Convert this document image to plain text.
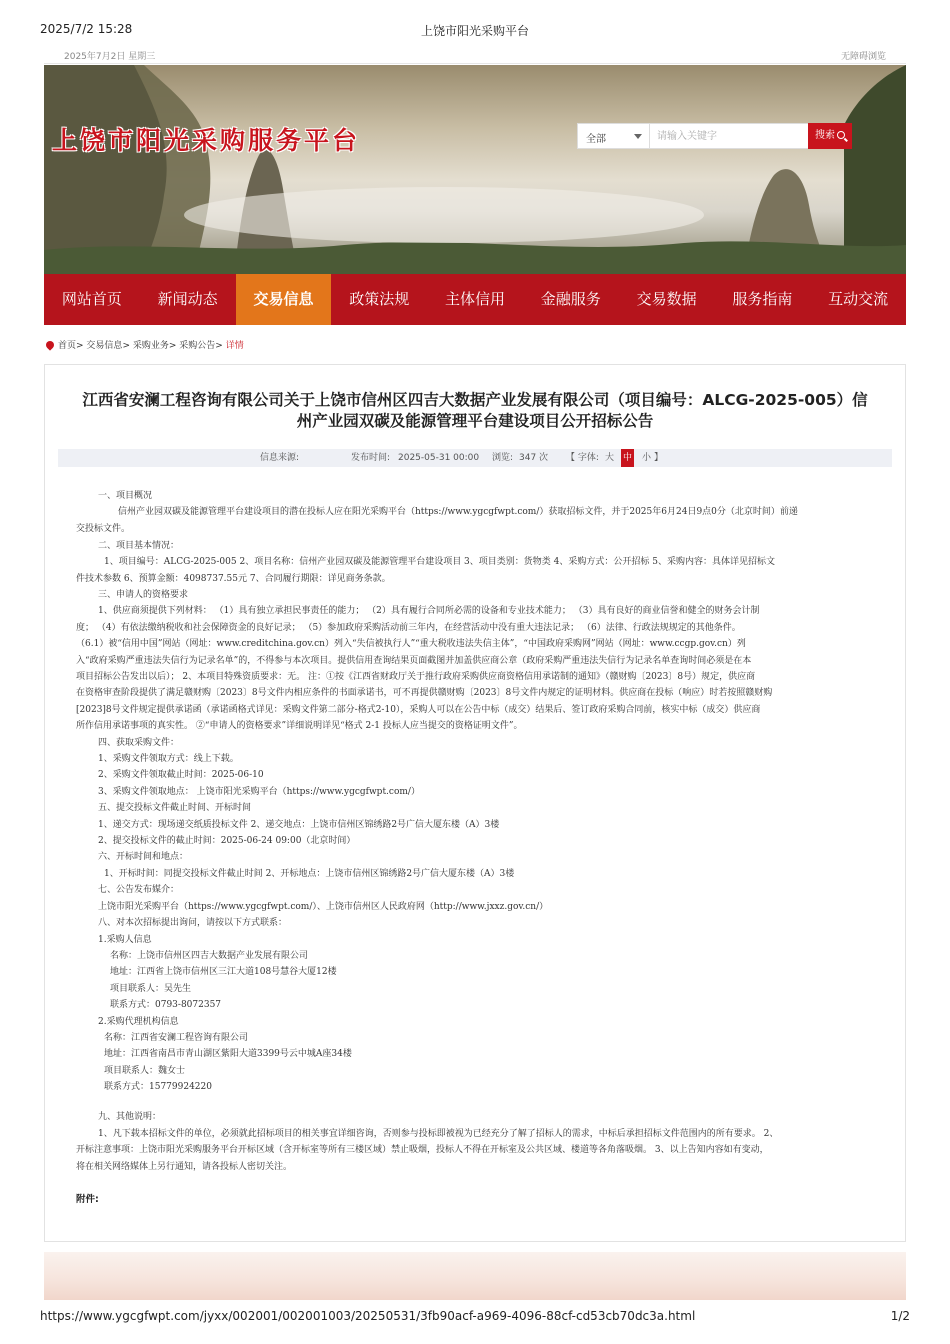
2025/7/2 15:28	上饶市阳光采购平台
2025年7月2日 星期三	无障碍浏览
上饶市阳光采购服务平台	全部
请输入关键字	搜索
网站首页	新闻动态	交易信息	政策法规	主体信用	金融服务	交易数据	服务指南	互动交流
首页> 交易信息> 采购业务> 采购公告> 详情
江西省安澜工程咨询有限公司关于上饶市信州区四吉大数据产业发展有限公司（项目编号：ALCG-2025-005）信
州产业园双碳及能源管理平台建设项目公开招标公告
信息来源:	发布时间: 2025-05-31 00:00 浏览: 347 次 【 字体: 大 中 小 】
一、项目概况
信州产业园双碳及能源管理平台建设项目的潜在投标人应在阳光采购平台（https://www.ygcgfwpt.com/）获取招标文件，并于2025年6月24日9点0分（北京时间）前递
交投标文件。
二、项目基本情况：
1、项目编号：ALCG-2025-005 2、项目名称：信州产业园双碳及能源管理平台建设项目 3、项目类别：货物类 4、采购方式：公开招标 5、采购内容：具体详见招标文
件技术参数 6、预算金额：4098737.55元 7、合同履行期限：详见商务条款。
三、申请人的资格要求
1、供应商须提供下列材料： （1）具有独立承担民事责任的能力； （2）具有履行合同所必需的设备和专业技术能力； （3）具有良好的商业信誉和健全的财务会计制
度； （4）有依法缴纳税收和社会保障资金的良好记录； （5）参加政府采购活动前三年内，在经营活动中没有重大违法记录； （6）法律、行政法规规定的其他条件。
（6.1）被“信用中国”网站（网址：www.creditchina.gov.cn）列入“失信被执行人”“重大税收违法失信主体”，“中国政府采购网”网站（网址：www.ccgp.gov.cn）列
入“政府采购严重违法失信行为记录名单”的，不得参与本次项目。提供信用查询结果页面截图并加盖供应商公章（政府采购严重违法失信行为记录名单查询时间必须是在本
项目招标公告发出以后）； 2、本项目特殊资质要求：无。 注：①按《江西省财政厅关于推行政府采购供应商资格信用承诺制的通知》（赣财购〔2023〕8号）规定，供应商
在资格审查阶段提供了满足赣财购〔2023〕8号文件内相应条件的书面承诺书，可不再提供赣财购〔2023〕8号文件内规定的证明材料。供应商在投标（响应）时若按照赣财购
[2023]8号文件规定提供承诺函（承诺函格式详见：采购文件第二部分-格式2-10），采购人可以在公告中标（成交）结果后、签订政府采购合同前，核实中标（成交）供应商
所作信用承诺事项的真实性。 ②“申请人的资格要求”详细说明详见“格式 2-1 投标人应当提交的资格证明文件”。
四、获取采购文件：
1、采购文件领取方式：线上下载。
2、采购文件领取截止时间：2025-06-10
3、采购文件领取地点： 上饶市阳光采购平台（https://www.ygcgfwpt.com/）
五、提交投标文件截止时间、开标时间
1、递交方式：现场递交纸质投标文件 2、递交地点：上饶市信州区锦绣路2号广信大厦东楼（A）3楼
2、提交投标文件的截止时间：2025-06-24 09:00（北京时间）
六、开标时间和地点：
1、开标时间：同提交投标文件截止时间 2、开标地点：上饶市信州区锦绣路2号广信大厦东楼（A）3楼
七、公告发布媒介：
上饶市阳光采购平台（https://www.ygcgfwpt.com/）、上饶市信州区人民政府网（http://www.jxxz.gov.cn/）
八、对本次招标提出询问，请按以下方式联系：
1.采购人信息
名称：上饶市信州区四吉大数据产业发展有限公司
地址：江西省上饶市信州区三江大道108号慧谷大厦12楼
项目联系人：吴先生
联系方式：0793-8072357
2.采购代理机构信息
名称：江西省安澜工程咨询有限公司
地址：江西省南昌市青山湖区紫阳大道3399号云中城A座34楼
项目联系人：魏女士
联系方式：15779924220
九、其他说明：
1、凡下载本招标文件的单位，必须就此招标项目的相关事宜详细咨询，否则参与投标即被视为已经充分了解了招标人的需求，中标后承担招标文件范围内的所有要求。 2、
开标注意事项：上饶市阳光采购服务平台开标区域（含开标室等所有三楼区域）禁止吸烟，投标人不得在开标室及公共区域、楼道等各角落吸烟。 3、以上告知内容如有变动，
将在相关网络媒体上另行通知，请各投标人密切关注。
附件:
https://www.ygcgfwpt.com/jyxx/002001/002001003/20250531/3fb90acf-a969-4096-88cf-cd53cb70dc3a.html	1/2
